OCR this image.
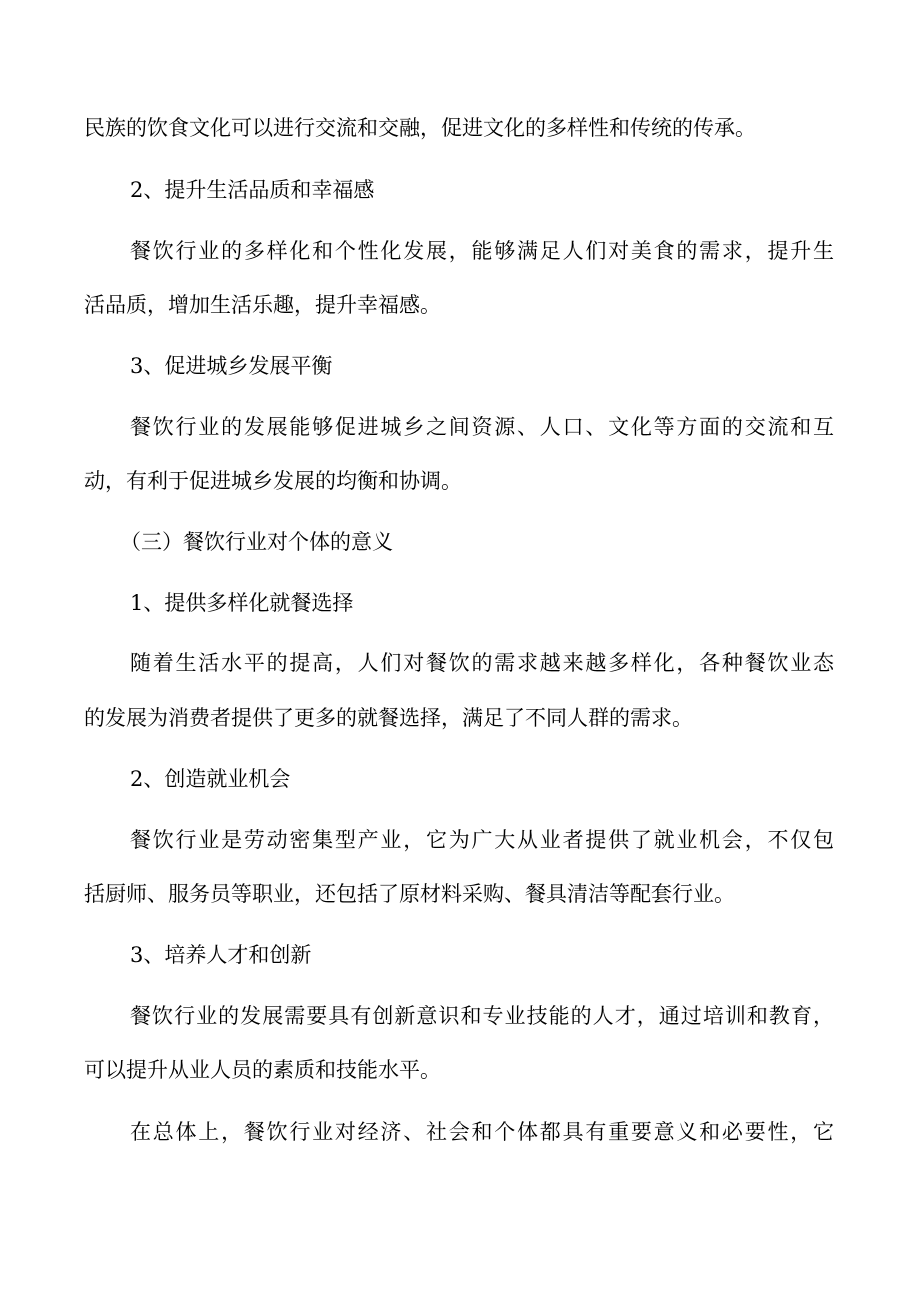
民族的饮食文化可以进行交流和交融，促进文化的多样性和传统的传承。
2、提升生活品质和幸福感
餐饮行业的多样化和个性化发展，能够满足人们对美食的需求，提升生
活品质，增加生活乐趣，提升幸福感。
3、促进城乡发展平衡
餐饮行业的发展能够促进城乡之间资源、人口、文化等方面的交流和互
动，有利于促进城乡发展的均衡和协调。
（三）餐饮行业对个体的意义
1、提供多样化就餐选择
随着生活水平的提高，人们对餐饮的需求越来越多样化，各种餐饮业态
的发展为消费者提供了更多的就餐选择，满足了不同人群的需求。
2、创造就业机会
餐饮行业是劳动密集型产业，它为广大从业者提供了就业机会，不仅包
括厨师、服务员等职业，还包括了原材料采购、餐具清洁等配套行业。
3、培养人才和创新
餐饮行业的发展需要具有创新意识和专业技能的人才，通过培训和教育，
可以提升从业人员的素质和技能水平。
在总体上，餐饮行业对经济、社会和个体都具有重要意义和必要性，它
